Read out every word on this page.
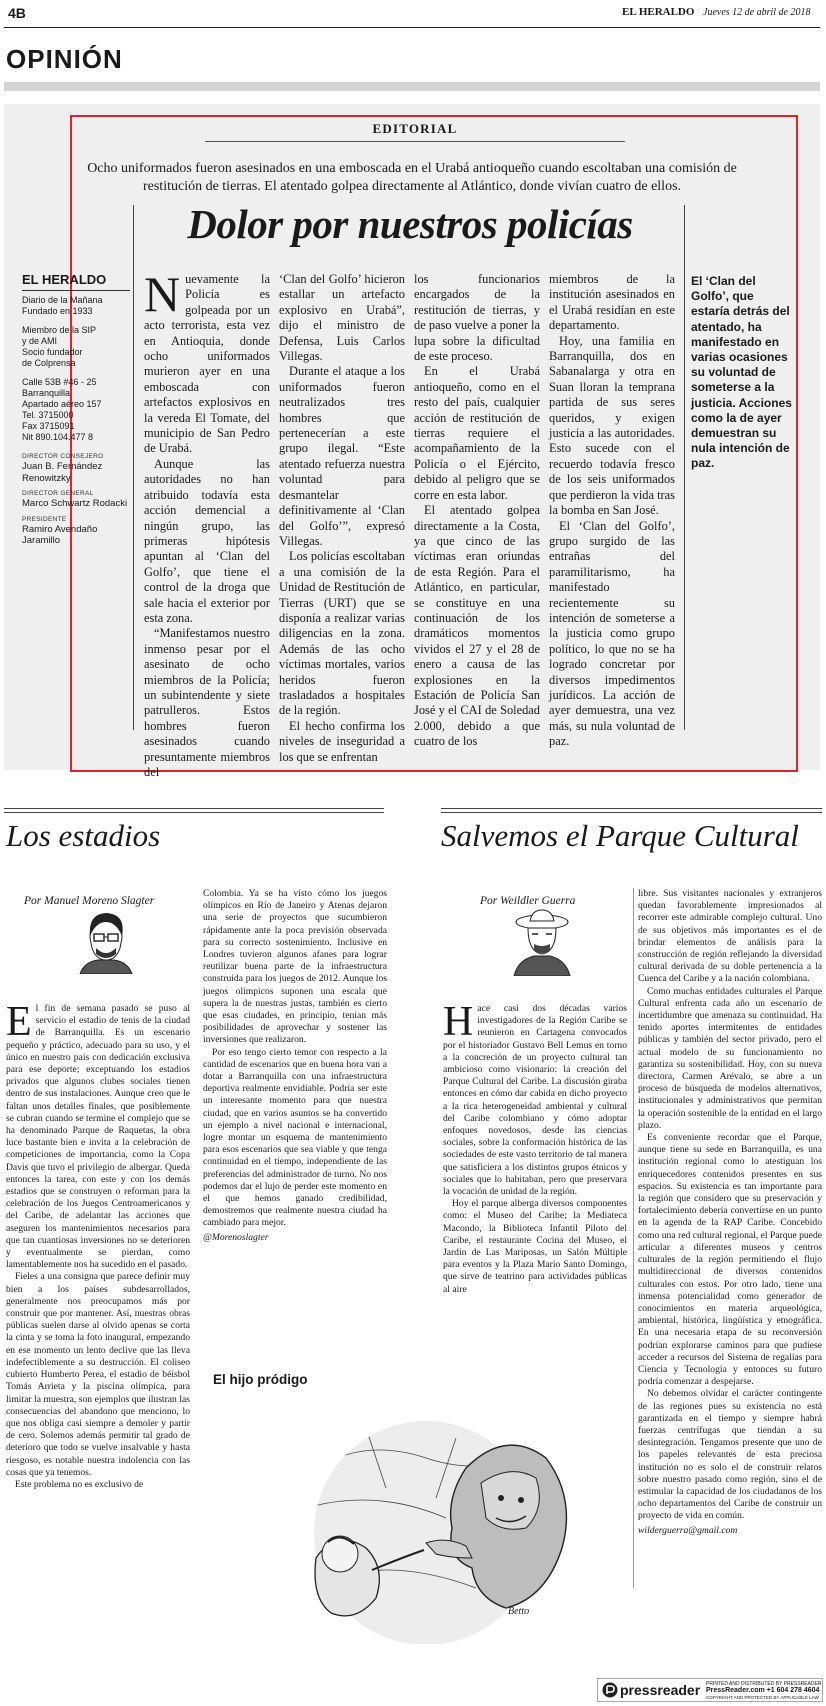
4B	EL HERALDO Jueves 12 de abril de 2018
OPINIÓN
EDITORIAL
Ocho uniformados fueron asesinados en una emboscada en el Urabá antioqueño cuando escoltaban una comisión de restitución de tierras. El atentado golpea directamente al Atlántico, donde vivían cuatro de ellos.
Dolor por nuestros policías
EL HERALDO
Diario de la Mañana
Fundado en 1933
Miembro de la SIP
y de AMI
Socio fundador
de Colprensa
Calle 53B #46 - 25
Barranquilla
Apartado aéreo 157
Tel. 3715000
Fax 3715091
Nit 890.104.477 8
DIRECTOR CONSEJERO
Juan B. Fernández Renowitzky
DIRECTOR GENERAL
Marco Schwartz Rodacki
PRESIDENTE
Ramiro Avendaño Jaramillo
N uevamente la Policía es golpeada por un acto terrorista, esta vez en Antioquia, donde ocho uniformados murieron ayer en una emboscada con artefactos explosivos en la vereda El Tomate, del municipio de San Pedro de Urabá.

Aunque las autoridades no han atribuido todavía esta acción demencial a ningún grupo, las primeras hipótesis apuntan al ‘Clan del Golfo’, que tiene el control de la droga que sale hacia el exterior por esta zona.

“Manifestamos nuestro inmenso pesar por el asesinato de ocho miembros de la Policía; un subintendente y siete patrulleros. Estos hombres fueron asesinados cuando presuntamente miembros del

‘Clan del Golfo’ hicieron estallar un artefacto explosivo en Urabá”, dijo el ministro de Defensa, Luis Carlos Villegas.

Durante el ataque a los uniformados fueron neutralizados tres hombres que pertenecerían a este grupo ilegal. “Este atentado refuerza nuestra voluntad para desmantelar definitivamente al ‘Clan del Golfo’”, expresó Villegas.

Los policías escoltaban a una comisión de la Unidad de Restitución de Tierras (URT) que se disponía a realizar varias diligencias en la zona. Además de las ocho víctimas mortales, varios heridos fueron trasladados a hospitales de la región.

El hecho confirma los niveles de inseguridad a los que se enfrentan

los funcionarios encargados de la restitución de tierras, y de paso vuelve a poner la lupa sobre la dificultad de este proceso.

En el Urabá antioqueño, como en el resto del país, cualquier acción de restitución de tierras requiere el acompañamiento de la Policía o el Ejército, debido al peligro que se corre en esta labor.

El atentado golpea directamente a la Costa, ya que cinco de las víctimas eran oriundas de esta Región. Para el Atlántico, en particular, se constituye en una continuación de los dramáticos momentos vividos el 27 y el 28 de enero a causa de las explosiones en la Estación de Policía San José y el CAI de Soledad 2.000, debido a que cuatro de los

miembros de la institución asesinados en el Urabá residían en este departamento.

Hoy, una familia en Barranquilla, dos en Sabanalarga y otra en Suan lloran la temprana partida de sus seres queridos, y exigen justicia a las autoridades. Esto sucede con el recuerdo todavía fresco de los seis uniformados que perdieron la vida tras la bomba en San José.

El ‘Clan del Golfo’, grupo surgido de las entrañas del paramilitarismo, ha manifestado recientemente su intención de someterse a la justicia como grupo político, lo que no se ha logrado concretar por diversos impedimentos jurídicos. La acción de ayer demuestra, una vez más, su nula voluntad de paz.

El ‘Clan del Golfo’, que estaría detrás del atentado, ha manifestado en varias ocasiones su voluntad de someterse a la justicia. Acciones como la de ayer demuestran su nula intención de paz.
Los estadios
Por Manuel Moreno Slagter
E l fin de semana pasado se puso al servicio el estadio de tenis de la ciudad de Barranquilla. Es un escenario pequeño y práctico, adecuado para su uso, y el único en nuestro país con dedicación exclusiva para ese deporte; exceptuando los estadios privados que algunos clubes sociales tienen dentro de sus instalaciones. Aunque creo que le faltan unos detalles finales, que posiblemente se cubran cuando se termine el complejo que se ha denominado Parque de Raquetas, la obra luce bastante bien e invita a la celebración de competiciones de importancia, como la Copa Davis que tuvo el privilegio de albergar. Queda entonces la tarea, con este y con los demás estadios que se construyen o reforman para la celebración de los Juegos Centroamericanos y del Caribe, de adelantar las acciones que aseguren los mantenimientos necesarios para que tan cuantiosas inversiones no se deterioren y eventualmente se pierdan, como lamentablemente nos ha sucedido en el pasado.

Fieles a una consigna que parece definir muy bien a los países subdesarrollados, generalmente nos preocupamos más por construir que por mantener. Así, nuestras obras públicas suelen darse al olvido apenas se corta la cinta y se toma la foto inaugural, empezando en ese momento un lento declive que las lleva indefectiblemente a su destrucción. El coliseo cubierto Humberto Perea, el estadio de béisbol Tomás Arrieta y la piscina olímpica, para limitar la muestra, son ejemplos que ilustran las consecuencias del abandono que menciono, lo que nos obliga casi siempre a demoler y partir de cero. Solemos además permitir tal grado de deterioro que todo se vuelve insalvable y hasta riesgoso, es notable nuestra indolencia con las cosas que ya tenemos.

Este problema no es exclusivo de

Colombia. Ya se ha visto cómo los juegos olímpicos en Río de Janeiro y Atenas dejaron una serie de proyectos que sucumbieron rápidamente ante la poca previsión observada para su correcto sostenimiento. Inclusive en Londres tuvieron algunos afanes para lograr reutilizar buena parte de la infraestructura construida para los juegos de 2012. Aunque los juegos olímpicos suponen una escala que supera la de nuestras justas, también es cierto que esas ciudades, en principio, tenían más posibilidades de aprovechar y sostener las inversiones que realizaron.

Por eso tengo cierto temor con respecto a la cantidad de escenarios que en buena hora van a dotar a Barranquilla con una infraestructura deportiva realmente envidiable. Podría ser este un interesante momento para que nuestra ciudad, que en varios asuntos se ha convertido un ejemplo a nivel nacional e internacional, logre montar un esquema de mantenimiento para esos escenarios que sea viable y que tenga continuidad en el tiempo, independiente de las preferencias del administrador de turno. No nos podemos dar el lujo de perder este momento en el que hemos ganado credibilidad, demostremos que realmente nuestra ciudad ha cambiado para mejor.

@Morenoslagter
El hijo pródigo
Betto
Salvemos el Parque Cultural
Por Weildler Guerra
H ace casi dos décadas varios investigadores de la Región Caribe se reunieron en Cartagena convocados por el historiador Gustavo Bell Lemus en torno a la concreción de un proyecto cultural tan ambicioso como visionario: la creación del Parque Cultural del Caribe. La discusión giraba entonces en cómo dar cabida en dicho proyecto a la rica heterogeneidad ambiental y cultural del Caribe colombiano y cómo adoptar enfoques novedosos, desde las ciencias sociales, sobre la conformación histórica de las sociedades de este vasto territorio de tal manera que satisficiera a los distintos grupos étnicos y sociales que lo habitaban, pero que preservara la vocación de unidad de la región.

Hoy el parque alberga diversos componentes como: el Museo del Caribe; la Mediateca Macondo, la Biblioteca Infantil Piloto del Caribe, el restaurante Cocina del Museo, el Jardín de Las Mariposas, un Salón Múltiple para eventos y la Plaza Mario Santo Domingo, que sirve de teatrino para actividades públicas al aire

libre. Sus visitantes nacionales y extranjeros quedan favorablemente impresionados al recorrer este admirable complejo cultural. Uno de sus objetivos más importantes es el de brindar elementos de análisis para la construcción de región reflejando la diversidad cultural derivada de su doble pertenencia a la Cuenca del Caribe y a la nación colombiana.

Como muchas entidades culturales el Parque Cultural enfrenta cada año un escenario de incertidumbre que amenaza su continuidad. Ha tenido aportes intermitentes de entidades públicas y también del sector privado, pero el actual modelo de su funcionamiento no garantiza su sostenibilidad. Hoy, con su nueva directora, Carmen Arévalo, se abre a un proceso de búsqueda de modelos alternativos, institucionales y administrativos que permitan la operación sostenible de la entidad en el largo plazo.

Es conveniente recordar que el Parque, aunque tiene su sede en Barranquilla, es una institución regional como lo atestiguan los enriquecedores contenidos presentes en sus espacios. Su existencia es tan importante para la región que considero que su preservación y fortalecimiento debería convertirse en un punto en la agenda de la RAP Caribe. Concebido como una red cultural regional, el Parque puede articular a diferentes museos y centros culturales de la región permitiendo el flujo multidireccional de diversos contenidos culturales con estos. Por otro lado, tiene una inmensa potencialidad como generador de conocimientos en materia arqueológica, ambiental, histórica, lingüística y etnográfica. En una necesaria etapa de su reconversión podrían explorarse caminos para que pudiese acceder a recursos del Sistema de regalías para Ciencia y Tecnología y entonces su futuro podría comenzar a despejarse.

No debemos olvidar el carácter contingente de las regiones pues su existencia no está garantizada en el tiempo y siempre habrá fuerzas centrífugas que tiendan a su desintegración. Tengamos presente que uno de los papeles relevantes de esta preciosa institución no es solo el de construir relatos sobre nuestro pasado como región, sino el de estimular la capacidad de los ciudadanos de los ocho departamentos del Caribe de construir un proyecto de vida en común.

wilderguerra@gmail.com
pressreader PRINTED AND DISTRIBUTED BY PRESSREADER
PressReader.com +1 604 278 4604
COPYRIGHT AND PROTECTED BY APPLICABLE LAW
